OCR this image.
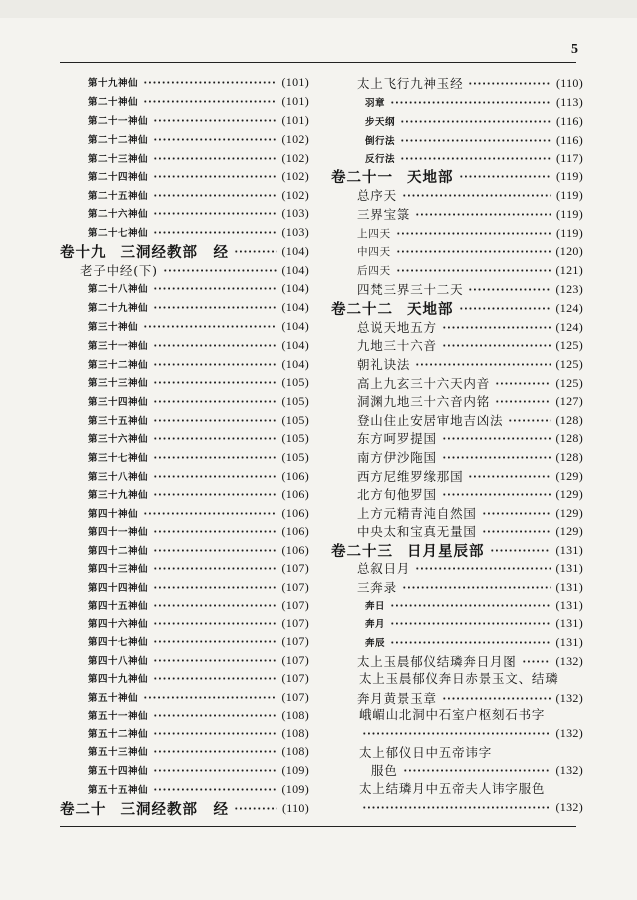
5
第十九神仙	(101)
第二十神仙	(101)
第二十一神仙	(101)
第二十二神仙	(102)
第二十三神仙	(102)
第二十四神仙	(102)
第二十五神仙	(102)
第二十六神仙	(103)
第二十七神仙	(103)
卷十九 三洞经教部　经	(104)
老子中经(下)	(104)
第二十八神仙	(104)
第二十九神仙	(104)
第三十神仙	(104)
第三十一神仙	(104)
第三十二神仙	(104)
第三十三神仙	(105)
第三十四神仙	(105)
第三十五神仙	(105)
第三十六神仙	(105)
第三十七神仙	(105)
第三十八神仙	(106)
第三十九神仙	(106)
第四十神仙	(106)
第四十一神仙	(106)
第四十二神仙	(106)
第四十三神仙	(107)
第四十四神仙	(107)
第四十五神仙	(107)
第四十六神仙	(107)
第四十七神仙	(107)
第四十八神仙	(107)
第四十九神仙	(107)
第五十神仙	(107)
第五十一神仙	(108)
第五十二神仙	(108)
第五十三神仙	(108)
第五十四神仙	(109)
第五十五神仙	(109)
卷二十 三洞经教部　经	(110)
太上飞行九神玉经	(110)
羽章	(113)
步天纲	(116)
倒行法	(116)
反行法	(117)
卷二十一 天地部	(119)
总序天	(119)
三界宝箓	(119)
上四天	(119)
中四天	(120)
后四天	(121)
四梵三界三十二天	(123)
卷二十二 天地部	(124)
总说天地五方	(124)
九地三十六音	(125)
朝礼诀法	(125)
高上九玄三十六天内音	(125)
洞渊九地三十六音内铭	(127)
登山住止安居审地吉凶法	(128)
东方呵罗提国	(128)
南方伊沙陁国	(128)
西方尼维罗缘那国	(129)
北方旬他罗国	(129)
上方元精青沌自然国	(129)
中央太和宝真无量国	(129)
卷二十三 日月星辰部	(131)
总叙日月	(131)
三奔录	(131)
奔日	(131)
奔月	(131)
奔辰	(131)
太上玉晨郁仪结璘奔日月图	(132)
太上玉晨郁仪奔日赤景玉文、结璘
奔月黄景玉章	(132)
峨嵋山北洞中石室户枢刻石书字
(132)
太上郁仪日中五帝讳字
服色	(132)
太上结璘月中五帝夫人讳字服色
(132)
